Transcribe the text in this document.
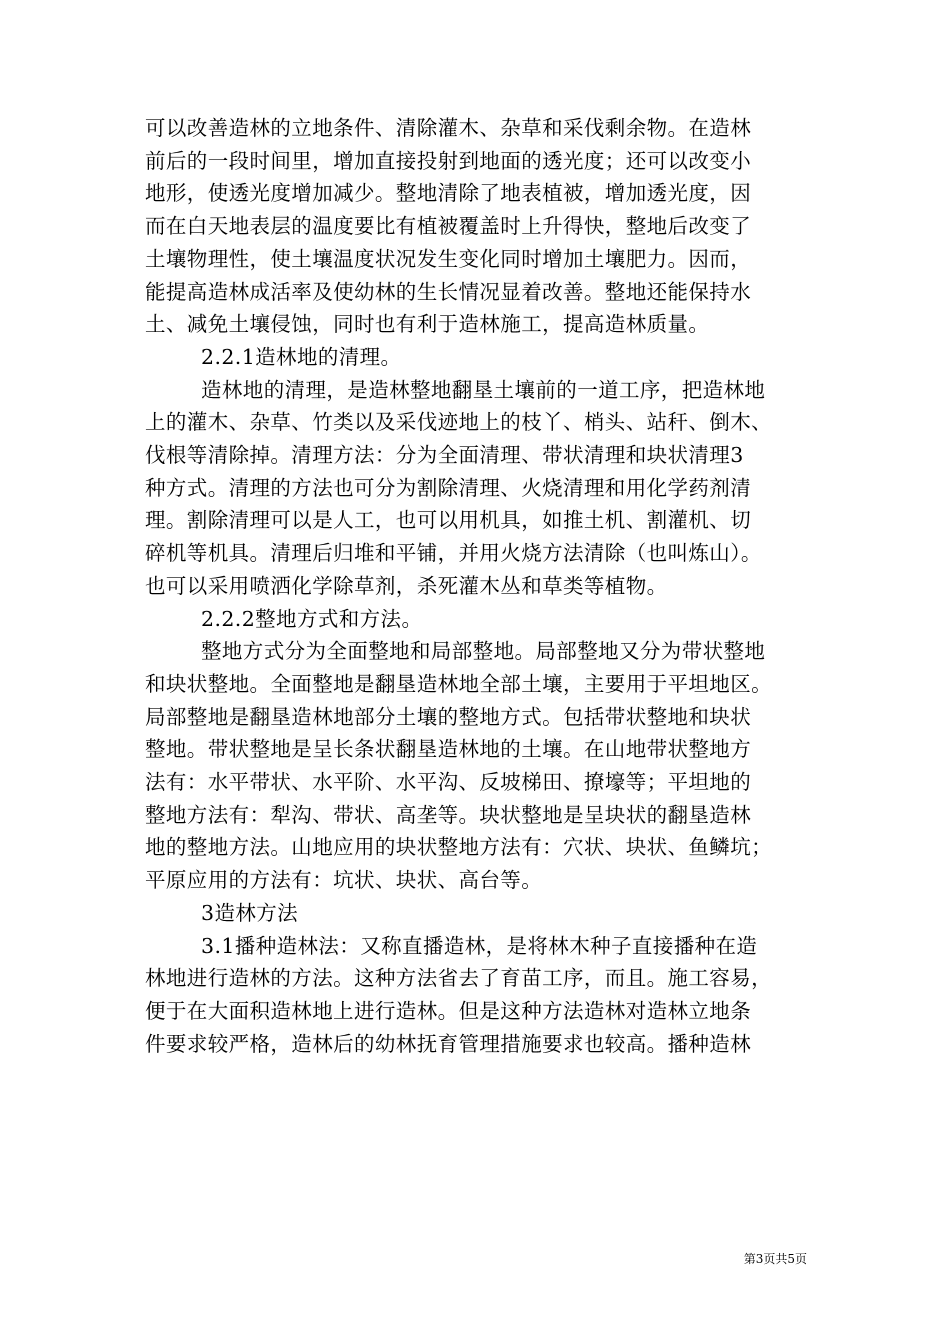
可以改善造林的立地条件、清除灌木、杂草和采伐剩余物。在造林
前后的一段时间里，增加直接投射到地面的透光度；还可以改变小
地形，使透光度增加减少。整地清除了地表植被，增加透光度，因
而在白天地表层的温度要比有植被覆盖时上升得快，整地后改变了
土壤物理性，使土壤温度状况发生变化同时增加土壤肥力。因而，
能提高造林成活率及使幼林的生长情况显着改善。整地还能保持水
土、减免土壤侵蚀，同时也有利于造林施工，提高造林质量。
2.2.1造林地的清理。
造林地的清理，是造林整地翻垦土壤前的一道工序，把造林地
上的灌木、杂草、竹类以及采伐迹地上的枝丫、梢头、站秆、倒木、
伐根等清除掉。清理方法：分为全面清理、带状清理和块状清理3
种方式。清理的方法也可分为割除清理、火烧清理和用化学药剂清
理。割除清理可以是人工，也可以用机具，如推土机、割灌机、切
碎机等机具。清理后归堆和平铺，并用火烧方法清除（也叫炼山）。
也可以采用喷洒化学除草剂，杀死灌木丛和草类等植物。
2.2.2整地方式和方法。
整地方式分为全面整地和局部整地。局部整地又分为带状整地
和块状整地。全面整地是翻垦造林地全部土壤，主要用于平坦地区。
局部整地是翻垦造林地部分土壤的整地方式。包括带状整地和块状
整地。带状整地是呈长条状翻垦造林地的土壤。在山地带状整地方
法有：水平带状、水平阶、水平沟、反坡梯田、撩壕等；平坦地的
整地方法有：犁沟、带状、高垄等。块状整地是呈块状的翻垦造林
地的整地方法。山地应用的块状整地方法有：穴状、块状、鱼鳞坑；
平原应用的方法有：坑状、块状、高台等。
3造林方法
3.1播种造林法：又称直播造林，是将林木种子直接播种在造
林地进行造林的方法。这种方法省去了育苗工序，而且。施工容易，
便于在大面积造林地上进行造林。但是这种方法造林对造林立地条
件要求较严格，造林后的幼林抚育管理措施要求也较高。播种造林
第3页共5页
